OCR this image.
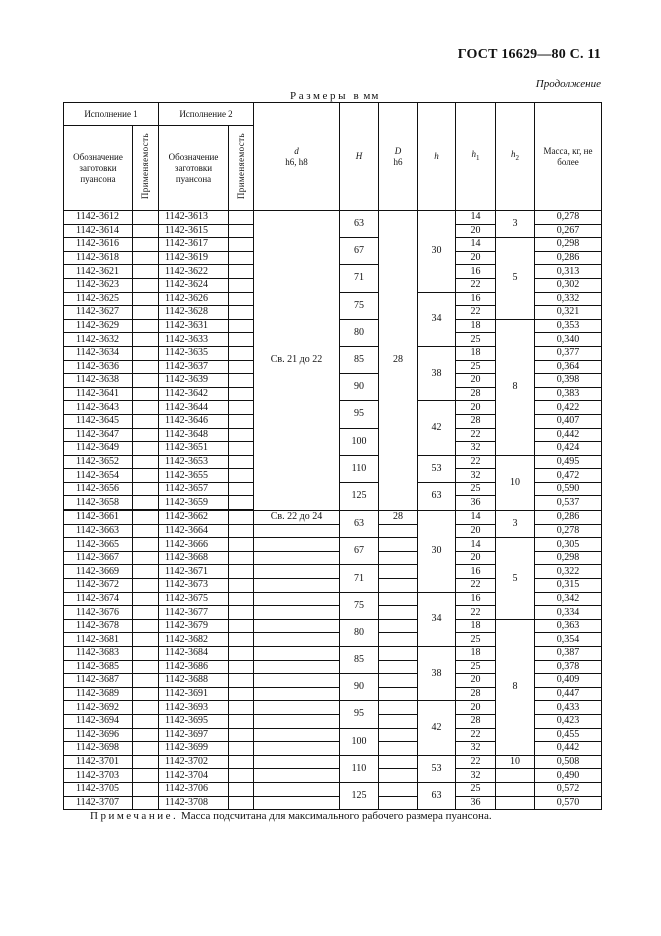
ГОСТ 16629—80 С. 11
Продолжение
Размеры в мм
Исполнение 1		Исполнение 2		d
h6, h8	H	D
h6	h	$h_1$	$h_2$	Масса, кг, не более
Обозначение заготовки пуансона	Применяемость	Обозначение заготовки пуансона	Применяемость							
1142-3612		1142-3613		Св. 21 до 22	63	28	30	14	3	0,278
1142-3614		1142-3615						20		0,267
1142-3616		1142-3617			67			14	5	0,298
1142-3618		1142-3619						20		0,286
1142-3621		1142-3622			71			16		0,313
1142-3623		1142-3624						22		0,302
1142-3625		1142-3626			75		34	16		0,332
1142-3627		1142-3628						22		0,321
1142-3629		1142-3631			80			18	8	0,353
1142-3632		1142-3633						25		0,340
1142-3634		1142-3635			85		38	18		0,377
1142-3636		1142-3637						25		0,364
1142-3638		1142-3639			90			20		0,398
1142-3641		1142-3642						28		0,383
1142-3643		1142-3644			95		42	20		0,422
1142-3645		1142-3646						28		0,407
1142-3647		1142-3648			100			22		0,442
1142-3649		1142-3651						32		0,424
1142-3652		1142-3653			110		53	22	10	0,495
1142-3654		1142-3655						32		0,472
1142-3656		1142-3657			125		63	25		0,590
1142-3658		1142-3659						36		0,537
1142-3661		1142-3662		Св. 22 до 24	63	28	30	14	3	0,286
1142-3663		1142-3664						20		0,278
1142-3665		1142-3666			67			14	5	0,305
1142-3667		1142-3668						20		0,298
1142-3669		1142-3671			71			16		0,322
1142-3672		1142-3673						22		0,315
1142-3674		1142-3675			75		34	16		0,342
1142-3676		1142-3677						22		0,334
1142-3678		1142-3679			80			18	8	0,363
1142-3681		1142-3682						25		0,354
1142-3683		1142-3684			85		38	18		0,387
1142-3685		1142-3686						25		0,378
1142-3687		1142-3688			90			20		0,409
1142-3689		1142-3691						28		0,447
1142-3692		1142-3693			95		42	20		0,433
1142-3694		1142-3695						28		0,423
1142-3696		1142-3697			100			22		0,455
1142-3698		1142-3699						32		0,442
1142-3701		1142-3702			110		53	22	10	0,508
1142-3703		1142-3704						32		0,490
1142-3705		1142-3706			125		63	25		0,572
1142-3707		1142-3708						36		0,570
Примечание. Масса подсчитана для максимального рабочего размера пуансона.
